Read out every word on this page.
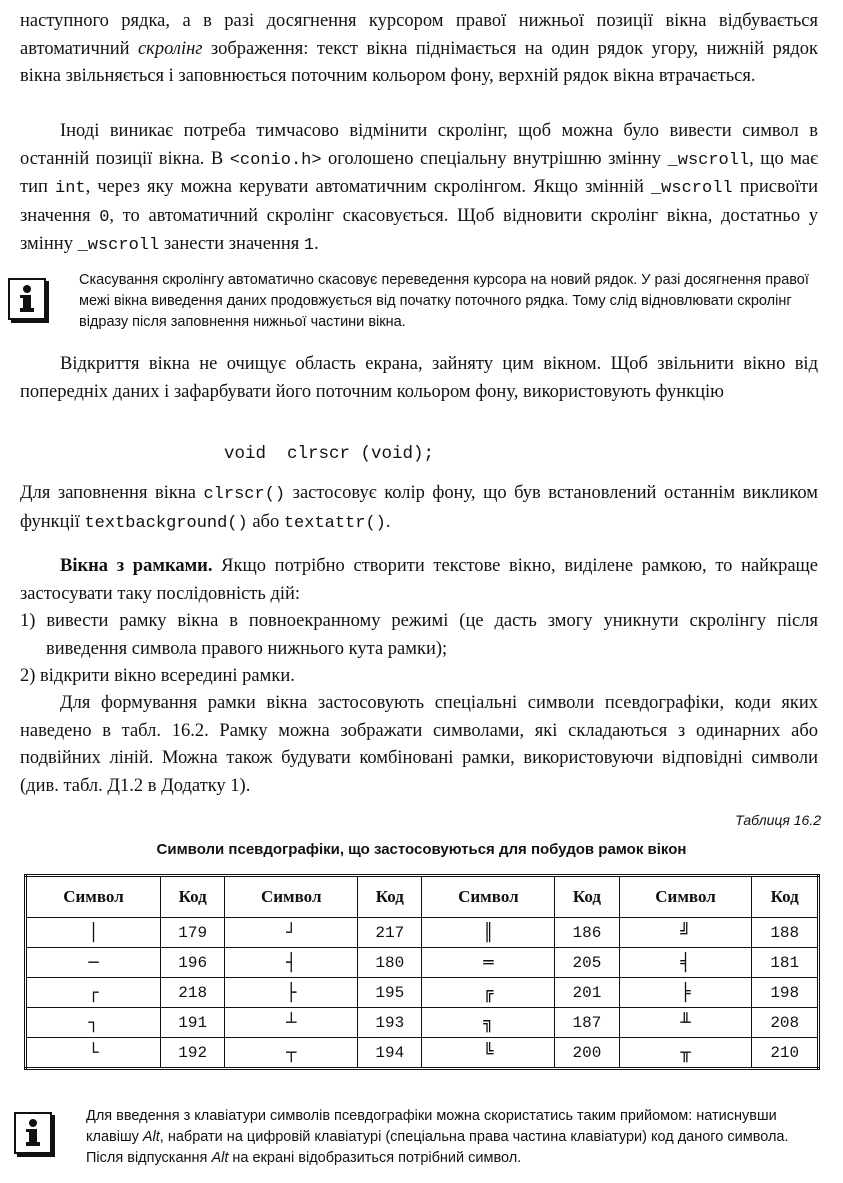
наступного рядка, а в разі досягнення курсором правої нижньої позиції вікна відбувається автоматичний скролінг зображення: текст вікна піднімається на один рядок угору, нижній рядок вікна звільняється і заповнюється поточним кольором фону, верхній рядок вікна втрачається.

Іноді виникає потреба тимчасово відмінити скролінг, щоб можна було вивести символ в останній позиції вікна. В <conio.h> оголошено спеціальну внутрішню змінну _wscroll, що має тип int, через яку можна керувати автоматичним скролінгом. Якщо змінній _wscroll присвоїти значення 0, то автоматичний скролінг скасовується. Щоб відновити скролінг вікна, достатньо у змінну _wscroll занести значення 1.

Скасування скролінгу автоматично скасовує переведення курсора на новий рядок. У разі досягнення правої межі вікна виведення даних продовжується від початку поточного рядка. Тому слід відновлювати скролінг відразу після заповнення нижньої частини вікна.

Відкриття вікна не очищує область екрана, зайняту цим вікном. Щоб звільнити вікно від попередніх даних і зафарбувати його поточним кольором фону, використовують функцію

void  clrscr (void);

Для заповнення вікна clrscr() застосовує колір фону, що був встановлений останнім викликом функції textbackground() або textattr().

Вікна з рамками. Якщо потрібно створити текстове вікно, виділене рамкою, то найкраще застосувати таку послідовність дій:

1) вивести рамку вікна в повноекранному режимі (це дасть змогу уникнути скролінгу після виведення символа правого нижнього кута рамки);
2) відкрити вікно всередині рамки.

Для формування рамки вікна застосовують спеціальні символи псевдографіки, коди яких наведено в табл. 16.2. Рамку можна зображати символами, які складаються з одинарних або подвійних ліній. Можна також будувати комбіновані рамки, використовуючи відповідні символи (див. табл. Д1.2 в Додатку 1).

Таблиця 16.2
Символи псевдографіки, що застосовуються для побудов рамок вікон
Символ	Код	Символ	Код	Символ	Код	Символ	Код
│	179	┘	217	║	186	╝	188
─	196	┤	180	═	205	╡	181
┌	218	├	195	╔	201	╞	198
┐	191	┴	193	╗	187	╨	208
└	192	┬	194	╚	200	╥	210

Для введення з клавіатури символів псевдографіки можна скористатись таким прийомом: натиснувши клавішу Alt, набрати на цифровій клавіатурі (спеціальна права частина клавіатури) код даного символа. Після відпускання Alt на екрані відобразиться потрібний символ.
